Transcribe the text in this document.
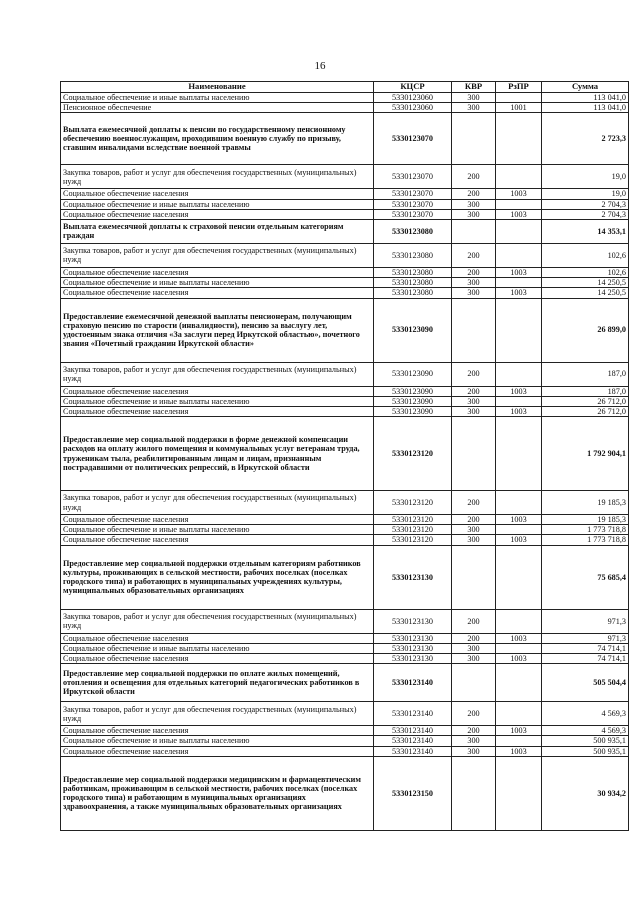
16
Наименование	КЦСР	КВР	РзПР	Сумма
Социальное обеспечение и иные выплаты населению	5330123060	300		113 041,0
Пенсионное обеспечение	5330123060	300	1001	113 041,0
Выплата ежемесячной доплаты к пенсии по государственному пенсионному обеспечению военнослужащим, проходившим военную службу по призыву, ставшим инвалидами вследствие военной травмы	5330123070			2 723,3
Закупка товаров, работ и услуг для обеспечения государственных (муниципальных) нужд	5330123070	200		19,0
Социальное обеспечение населения	5330123070	200	1003	19,0
Социальное обеспечение и иные выплаты населению	5330123070	300		2 704,3
Социальное обеспечение населения	5330123070	300	1003	2 704,3
Выплата ежемесячной доплаты к страховой пенсии отдельным категориям граждан	5330123080			14 353,1
Закупка товаров, работ и услуг для обеспечения государственных (муниципальных) нужд	5330123080	200		102,6
Социальное обеспечение населения	5330123080	200	1003	102,6
Социальное обеспечение и иные выплаты населению	5330123080	300		14 250,5
Социальное обеспечение населения	5330123080	300	1003	14 250,5
Предоставление ежемесячной денежной выплаты пенсионерам, получающим страховую пенсию по старости (инвалидности), пенсию за выслугу лет, удостоенным знака отличия «За заслуги перед Иркутской областью», почетного звания «Почетный гражданин Иркутской области»	5330123090			26 899,0
Закупка товаров, работ и услуг для обеспечения государственных (муниципальных) нужд	5330123090	200		187,0
Социальное обеспечение населения	5330123090	200	1003	187,0
Социальное обеспечение и иные выплаты населению	5330123090	300		26 712,0
Социальное обеспечение населения	5330123090	300	1003	26 712,0
Предоставление мер социальной поддержки в форме денежной компенсации расходов на оплату жилого помещения и коммунальных услуг ветеранам труда, труженикам тыла, реабилитированным лицам и лицам, признанным пострадавшими от политических репрессий, в Иркутской области	5330123120			1 792 904,1
Закупка товаров, работ и услуг для обеспечения государственных (муниципальных) нужд	5330123120	200		19 185,3
Социальное обеспечение населения	5330123120	200	1003	19 185,3
Социальное обеспечение и иные выплаты населению	5330123120	300		1 773 718,8
Социальное обеспечение населения	5330123120	300	1003	1 773 718,8
Предоставление мер социальной поддержки отдельным категориям работников культуры, проживающих в сельской местности, рабочих поселках (поселках городского типа) и работающих в муниципальных учреждениях культуры, муниципальных образовательных организациях	5330123130			75 685,4
Закупка товаров, работ и услуг для обеспечения государственных (муниципальных) нужд	5330123130	200		971,3
Социальное обеспечение населения	5330123130	200	1003	971,3
Социальное обеспечение и иные выплаты населению	5330123130	300		74 714,1
Социальное обеспечение населения	5330123130	300	1003	74 714,1
Предоставление мер социальной поддержки по оплате жилых помещений, отопления и освещения для отдельных категорий педагогических работников в Иркутской области	5330123140			505 504,4
Закупка товаров, работ и услуг для обеспечения государственных (муниципальных) нужд	5330123140	200		4 569,3
Социальное обеспечение населения	5330123140	200	1003	4 569,3
Социальное обеспечение и иные выплаты населению	5330123140	300		500 935,1
Социальное обеспечение населения	5330123140	300	1003	500 935,1
Предоставление мер социальной поддержки медицинским и фармацевтическим работникам, проживающим в сельской местности, рабочих поселках (поселках городского типа) и работающим в муниципальных организациях здравоохранения, а также муниципальных образовательных организациях	5330123150			30 934,2
